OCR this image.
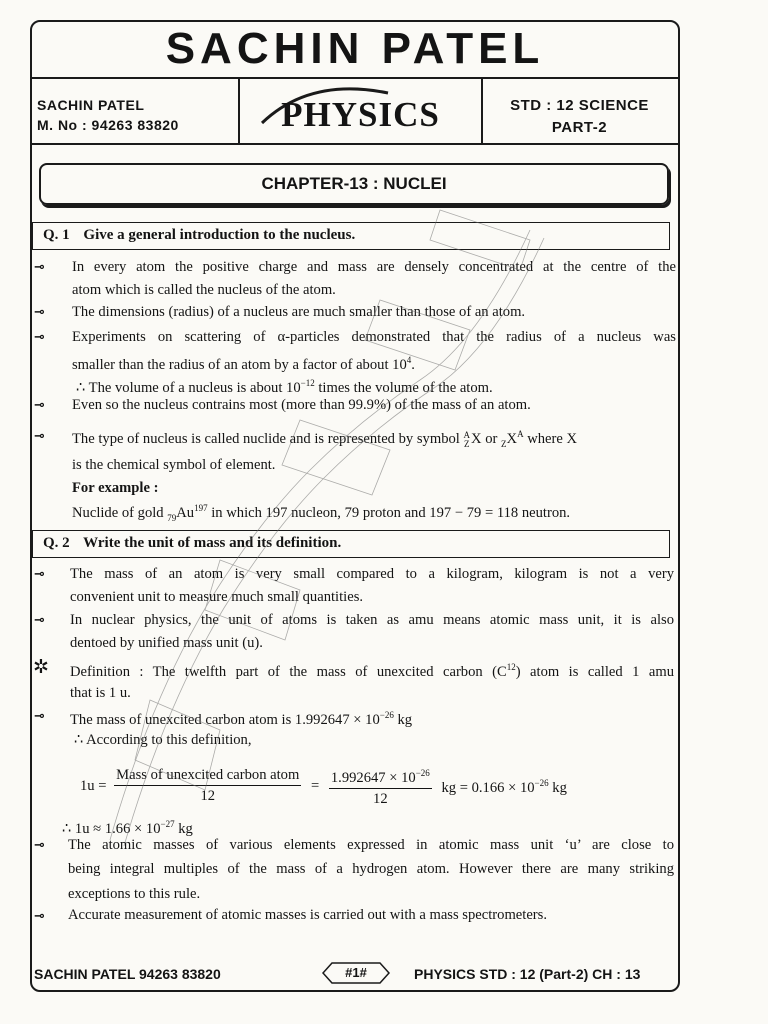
SACHIN PATEL
SACHIN PATEL
M. No : 94263 83820	PHYSICS	STD : 12 SCIENCE
PART-2
CHAPTER-13 : NUCLEI
Q. 1 Give a general introduction to the nucleus.
⊸ In every atom the positive charge and mass are densely concentrated at the centre of the
atom which is called the nucleus of the atom.
⊸ The dimensions (radius) of a nucleus are much smaller than those of an atom.
⊸ Experiments on scattering of α-particles demonstrated that the radius of a nucleus was
smaller than the radius of an atom by a factor of about $10^4$.
∴ The volume of a nucleus is about $10^{-12}$ times the volume of the atom.
⊸ Even so the nucleus contrains most (more than 99.9%) of the mass of an atom.
⊸ The type of nucleus is called nuclide and is represented by symbol A
Z X or $_ZX^A$ where X
is the chemical symbol of element.
For example :
Nuclide of gold $_{79}Au^{197}$ in which 197 nucleon, 79 proton and 197 − 79 = 118 neutron.
Q. 2 Write the unit of mass and its definition.
⊸ The mass of an atom is very small compared to a kilogram, kilogram is not a very
convenient unit to measure much small quantities.
⊸ In nuclear physics, the unit of atoms is taken as amu means atomic mass unit, it is also
dentoed by unified mass unit (u).
✲ Definition : The twelfth part of the mass of unexcited carbon $(C^{12})$ atom is called 1 amu
that is 1 u.
⊸ The mass of unexcited carbon atom is $1.992647 \times 10^{-26}$ kg
∴ According to this definition,
$1u = \frac{\text{Mass of unexcited carbon atom}}{12} = \frac{1.992647 \times 10^{-26}}{12}$ kg = $0.166 \times 10^{-26}$ kg
∴ $1u \approx 1.66 \times 10^{-27}$ kg
⊸ The atomic masses of various elements expressed in atomic mass unit ‘u’ are close to
being integral multiples of the mass of a hydrogen atom. However there are many striking
exceptions to this rule.
⊸ Accurate measurement of atomic masses is carried out with a mass spectrometers.
SACHIN PATEL 94263 83820	#1#	PHYSICS STD : 12 (Part-2) CH : 13
